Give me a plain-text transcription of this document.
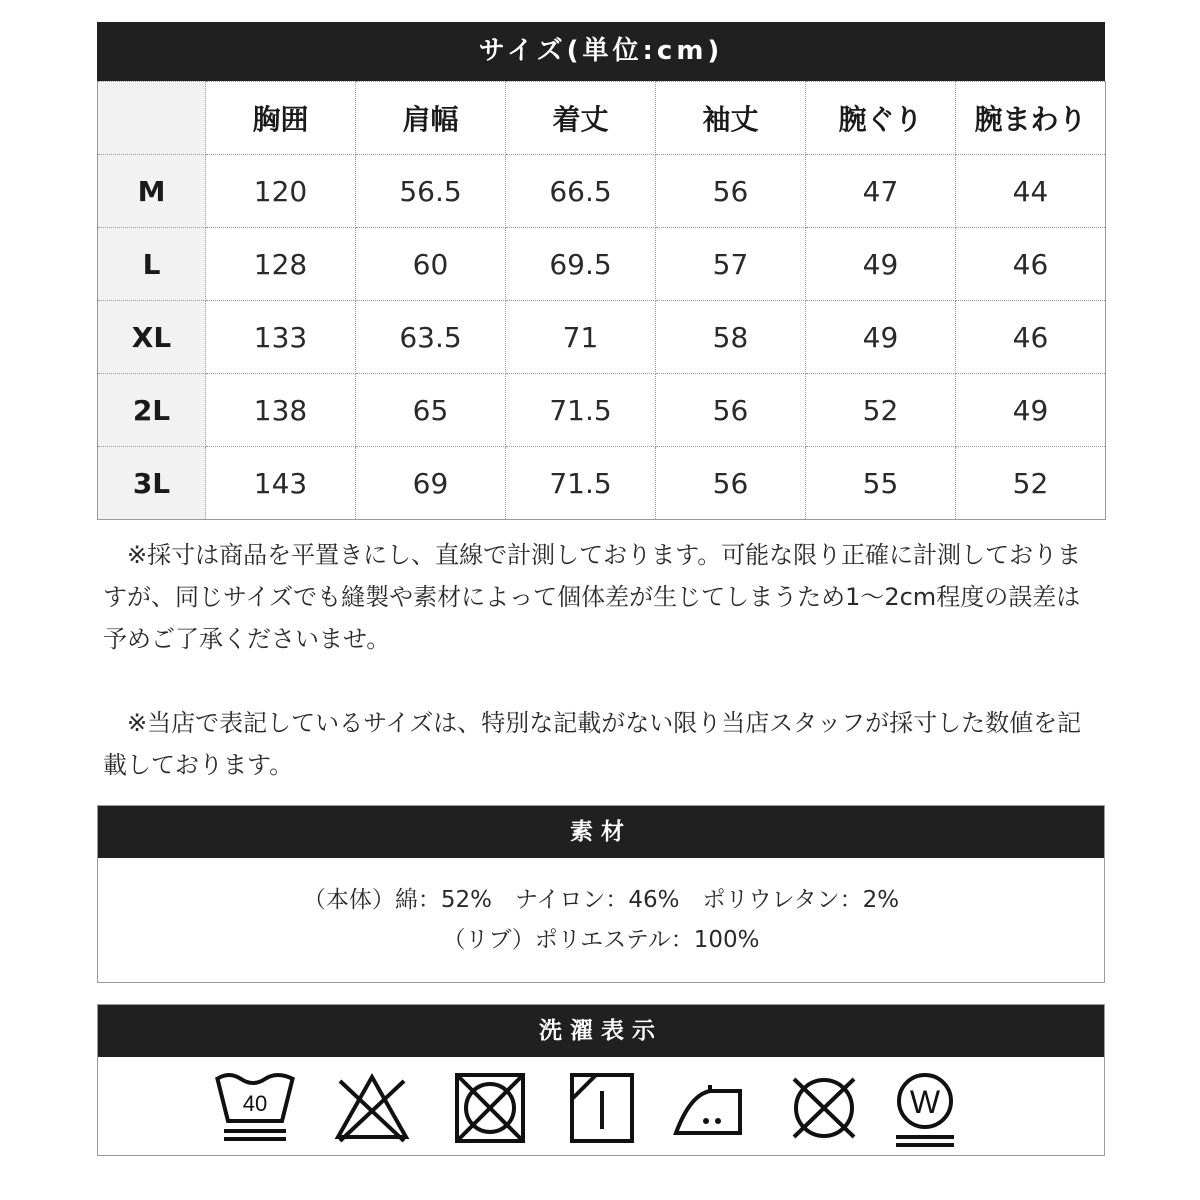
サイズ(単位:cm)
	胸囲	肩幅	着丈	袖丈	腕ぐり	腕まわり
M	120	56.5	66.5	56	47	44
L	128	60	69.5	57	49	46
XL	133	63.5	71	58	49	46
2L	138	65	71.5	56	52	49
3L	143	69	71.5	56	55	52

※採寸は商品を平置きにし、直線で計測しております。可能な限り正確に計測しておりますが、同じサイズでも縫製や素材によって個体差が生じてしまうため1～2cm程度の誤差は予めご了承くださいませ。

※当店で表記しているサイズは、特別な記載がない限り当店スタッフが採寸した数値を記載しております。

素材
（本体）綿：52%　ナイロン：46%　ポリウレタン：2%
（リブ）ポリエステル：100%
洗濯表示
40	W
